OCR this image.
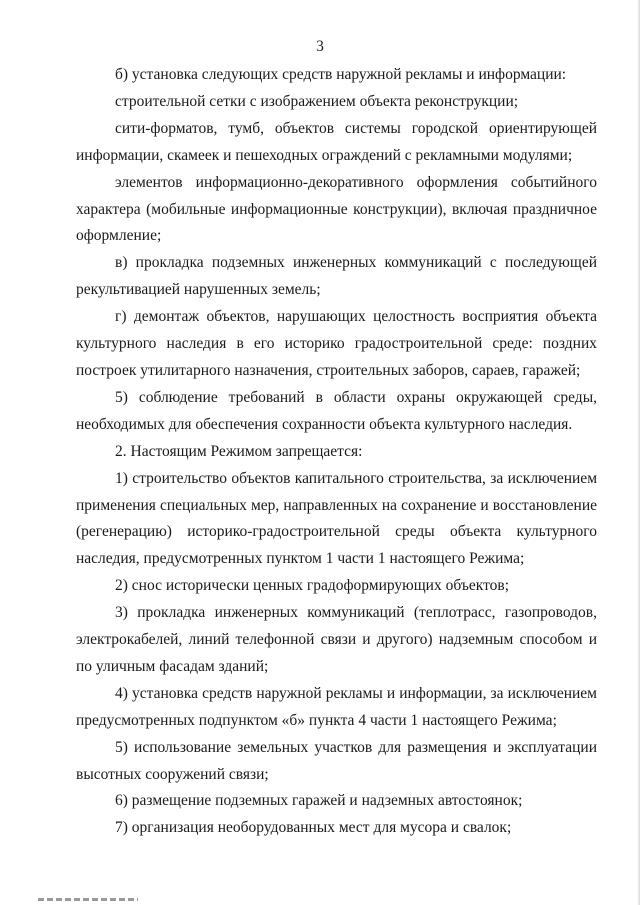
3

б) установка следующих средств наружной рекламы и информации:

строительной сетки с изображением объекта реконструкции;

сити-форматов, тумб, объектов системы городской ориентирующей информации, скамеек и пешеходных ограждений с рекламными модулями;

элементов информационно-декоративного оформления событийного характера (мобильные информационные конструкции), включая праздничное оформление;

в) прокладка подземных инженерных коммуникаций с последующей рекультивацией нарушенных земель;

г) демонтаж объектов, нарушающих целостность восприятия объекта культурного наследия в его историко градостроительной среде: поздних построек утилитарного назначения, строительных заборов, сараев, гаражей;

5) соблюдение требований в области охраны окружающей среды, необходимых для обеспечения сохранности объекта культурного наследия.

2. Настоящим Режимом запрещается:

1) строительство объектов капитального строительства, за исключением применения специальных мер, направленных на сохранение и восстановление (регенерацию) историко-градостроительной среды объекта культурного наследия, предусмотренных пунктом 1 части 1 настоящего Режима;

2) снос исторически ценных градоформирующих объектов;

3) прокладка инженерных коммуникаций (теплотрасс, газопроводов, электрокабелей, линий телефонной связи и другого) надземным способом и по уличным фасадам зданий;

4) установка средств наружной рекламы и информации, за исключением предусмотренных подпунктом «б» пункта 4 части 1 настоящего Режима;

5) использование земельных участков для размещения и эксплуатации высотных сооружений связи;

6) размещение подземных гаражей и надземных автостоянок;

7) организация необорудованных мест для мусора и свалок;
